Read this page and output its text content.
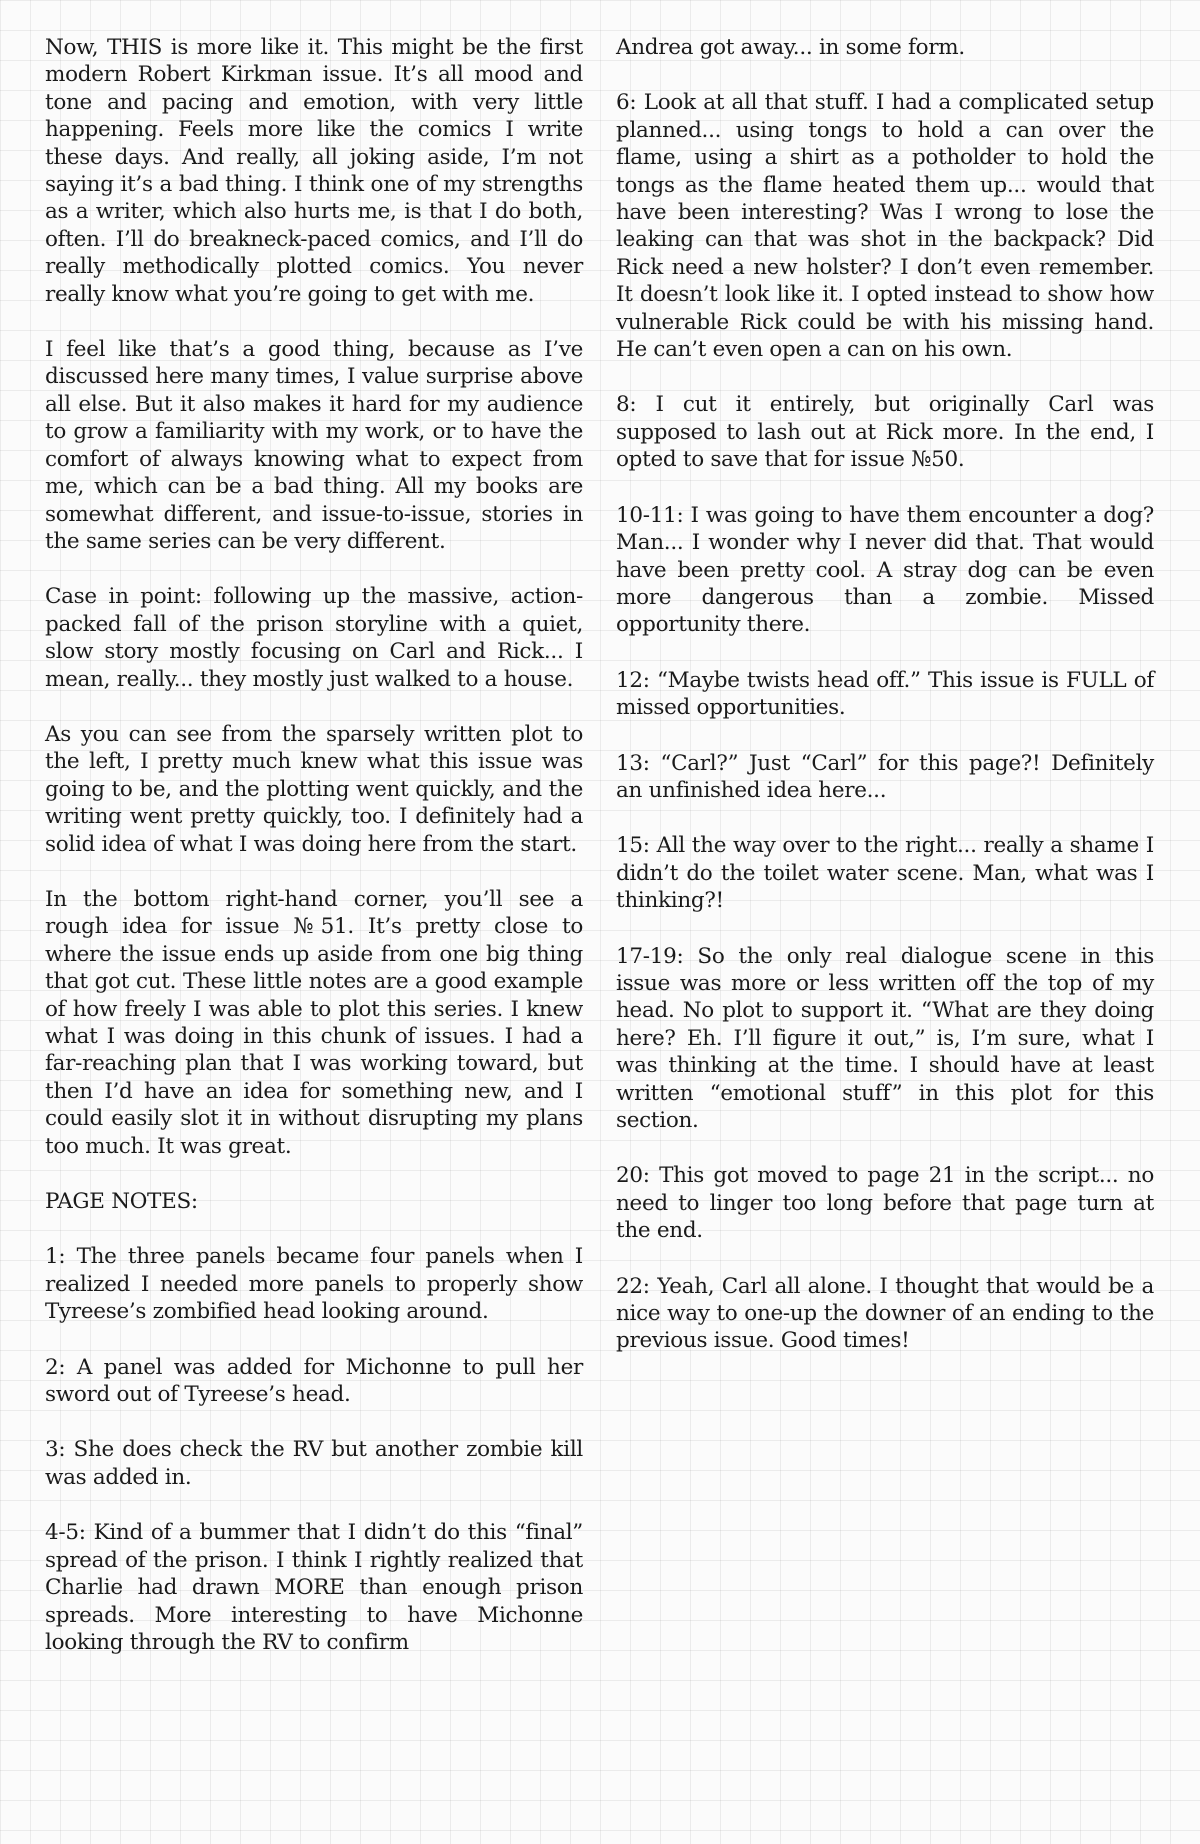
Now, THIS is more like it. This might be the first modern Robert Kirkman issue. It’s all mood and tone and pacing and emotion, with very little happening. Feels more like the comics I write these days. And really, all joking aside, I’m not saying it’s a bad thing. I think one of my strengths as a writer, which also hurts me, is that I do both, often. I’ll do breakneck-paced comics, and I’ll do really methodically plotted comics. You never really know what you’re going to get with me.

I feel like that’s a good thing, because as I’ve discussed here many times, I value surprise above all else. But it also makes it hard for my audience to grow a familiarity with my work, or to have the comfort of always knowing what to expect from me, which can be a bad thing. All my books are somewhat different, and issue-to-issue, stories in the same series can be very different.

Case in point: following up the massive, action-packed fall of the prison storyline with a quiet, slow story mostly focusing on Carl and Rick... I mean, really... they mostly just walked to a house.

As you can see from the sparsely written plot to the left, I pretty much knew what this issue was going to be, and the plotting went quickly, and the writing went pretty quickly, too. I definitely had a solid idea of what I was doing here from the start.

In the bottom right-hand corner, you’ll see a rough idea for issue №51. It’s pretty close to where the issue ends up aside from one big thing that got cut. These little notes are a good example of how freely I was able to plot this series. I knew what I was doing in this chunk of issues. I had a far-reaching plan that I was working toward, but then I’d have an idea for something new, and I could easily slot it in without disrupting my plans too much. It was great.

PAGE NOTES:

1: The three panels became four panels when I realized I needed more panels to properly show Tyreese’s zombified head looking around.

2: A panel was added for Michonne to pull her sword out of Tyreese’s head.

3: She does check the RV but another zombie kill was added in.

4-5: Kind of a bummer that I didn’t do this “final” spread of the prison. I think I rightly realized that Charlie had drawn MORE than enough prison spreads. More interesting to have Michonne looking through the RV to confirm

Andrea got away... in some form.

6: Look at all that stuff. I had a complicated setup planned... using tongs to hold a can over the flame, using a shirt as a potholder to hold the tongs as the flame heated them up... would that have been interesting? Was I wrong to lose the leaking can that was shot in the backpack? Did Rick need a new holster? I don’t even remember. It doesn’t look like it. I opted instead to show how vulnerable Rick could be with his missing hand. He can’t even open a can on his own.

8: I cut it entirely, but originally Carl was supposed to lash out at Rick more. In the end, I opted to save that for issue №50.

10-11: I was going to have them encounter a dog? Man... I wonder why I never did that. That would have been pretty cool. A stray dog can be even more dangerous than a zombie. Missed opportunity there.

12: “Maybe twists head off.” This issue is FULL of missed opportunities.

13: “Carl?” Just “Carl” for this page?! Definitely an unfinished idea here...

15: All the way over to the right... really a shame I didn’t do the toilet water scene. Man, what was I thinking?!

17-19: So the only real dialogue scene in this issue was more or less written off the top of my head. No plot to support it. “What are they doing here? Eh. I’ll figure it out,” is, I’m sure, what I was thinking at the time. I should have at least written “emotional stuff” in this plot for this section.

20: This got moved to page 21 in the script... no need to linger too long before that page turn at the end.

22: Yeah, Carl all alone. I thought that would be a nice way to one-up the downer of an ending to the previous issue. Good times!
